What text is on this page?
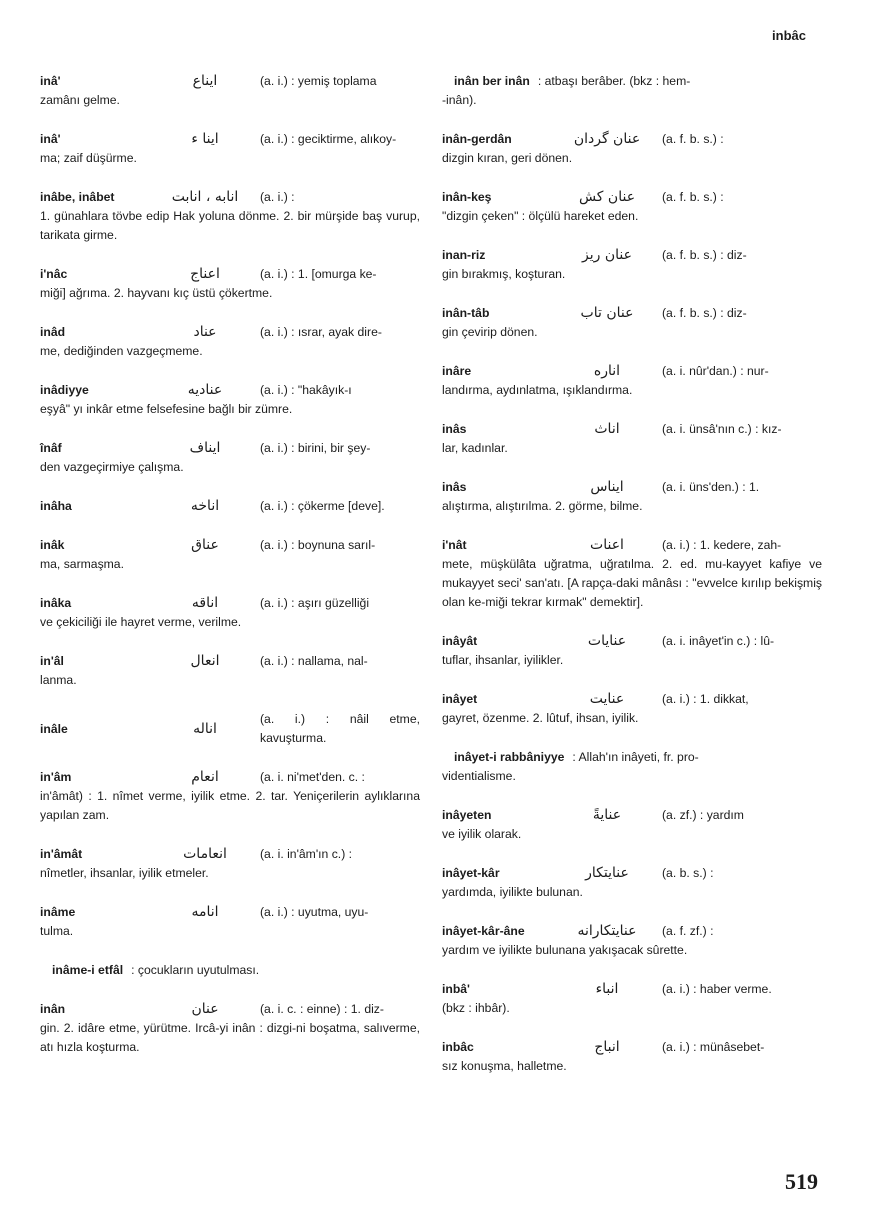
inbâc
inâ'	ايناع	(a. i.) : yemiş toplama
zamânı gelme.
inâ'	اينا ء	(a. i.) : geciktirme, alıkoy-
ma; zaif düşürme.
inâbe, inâbet	انابه ، انابت	(a. i.) :
1. günahlara tövbe edip Hak yoluna dönme. 2. bir mürşide baş vurup, tarikata girme.
i'nâc	اعناج	(a. i.) : 1. [omurga ke-
miği] ağrıma. 2. hayvanı kıç üstü çökertme.
inâd	عناد	(a. i.) : ısrar, ayak dire-
me, dediğinden vazgeçmeme.
inâdiyye	عناديه	(a. i.) : "hakâyık-ı
eşyâ" yı inkâr etme felsefesine bağlı bir zümre.
înâf	ايناف	(a. i.) : birini, bir şey-
den vazgeçirmiye çalışma.
inâha	اناخه	(a. i.) : çökerme [deve].
inâk	عناق	(a. i.) : boynuna sarıl-
ma, sarmaşma.
inâka	اناقه	(a. i.) : aşırı güzelliği
ve çekiciliği ile hayret verme, verilme.
in'âl	انعال	(a. i.) : nallama, nal-
lanma.
inâle	اناله
(a. i.) : nâil etme, kavuşturma.
in'âm	انعام	(a. i. ni'met'den. c. :
in'âmât) : 1. nîmet verme, iyilik etme. 2. tar. Yeniçerilerin aylıklarına yapılan zam.
in'âmât	انعامات	(a. i. in'âm'ın c.) :
nîmetler, ihsanlar, iyilik etmeler.
inâme	انامه	(a. i.) : uyutma, uyu-
tulma.
inâme-i etfâl : çocukların uyutulması.
inân	عنان	(a. i. c. : einne) : 1. diz-
gin. 2. idâre etme, yürütme. Ircâ-yi inân : dizgi-ni boşatma, salıverme, atı hızla koşturma.
inân ber inân : atbaşı berâber. (bkz : hem-
-inân).
inân-gerdân	عنان گردان	(a. f. b. s.) :
dizgin kıran, geri dönen.
inân-keş	عنان كش	(a. f. b. s.) :
"dizgin çeken" : ölçülü hareket eden.
inan-riz	عنان ريز	(a. f. b. s.) : diz-
gin bırakmış, koşturan.
inân-tâb	عنان تاب	(a. f. b. s.) : diz-
gin çevirip dönen.
inâre	اناره	(a. i. nûr'dan.) : nur-
landırma, aydınlatma, ışıklandırma.
inâs	اناث	(a. i. ünsâ'nın c.) : kız-
lar, kadınlar.
inâs	ايناس	(a. i. üns'den.) : 1.
alıştırma, alıştırılma. 2. görme, bilme.
i'nât	اعنات	(a. i.) : 1. kedere, zah-
mete, müşkülâta uğratma, uğratılma. 2. ed. mu-kayyet kafiye ve mukayyet seci' san'atı. [A rapça-daki mânâsı : "evvelce kırılıp bekişmiş olan ke-miği tekrar kırmak" demektir].
inâyât	عنايات	(a. i. inâyet'in c.) : lû-
tuflar, ihsanlar, iyilikler.
inâyet	عنايت	(a. i.) : 1. dikkat,
gayret, özenme. 2. lûtuf, ihsan, iyilik.
inâyet-i rabbâniyye : Allah'ın inâyeti, fr. pro-
videntialisme.
inâyeten	عنايةً	(a. zf.) : yardım
ve iyilik olarak.
inâyet-kâr	عنايتكار	(a. b. s.) :
yardımda, iyilikte bulunan.
inâyet-kâr-âne	عنايتكارانه	(a. f. zf.) :
yardım ve iyilikte bulunana yakışacak sûrette.
inbâ'	انباء	(a. i.) : haber verme.
(bkz : ihbâr).
inbâc	انباج	(a. i.) : münâsebet-
sız konuşma, halletme.
519
